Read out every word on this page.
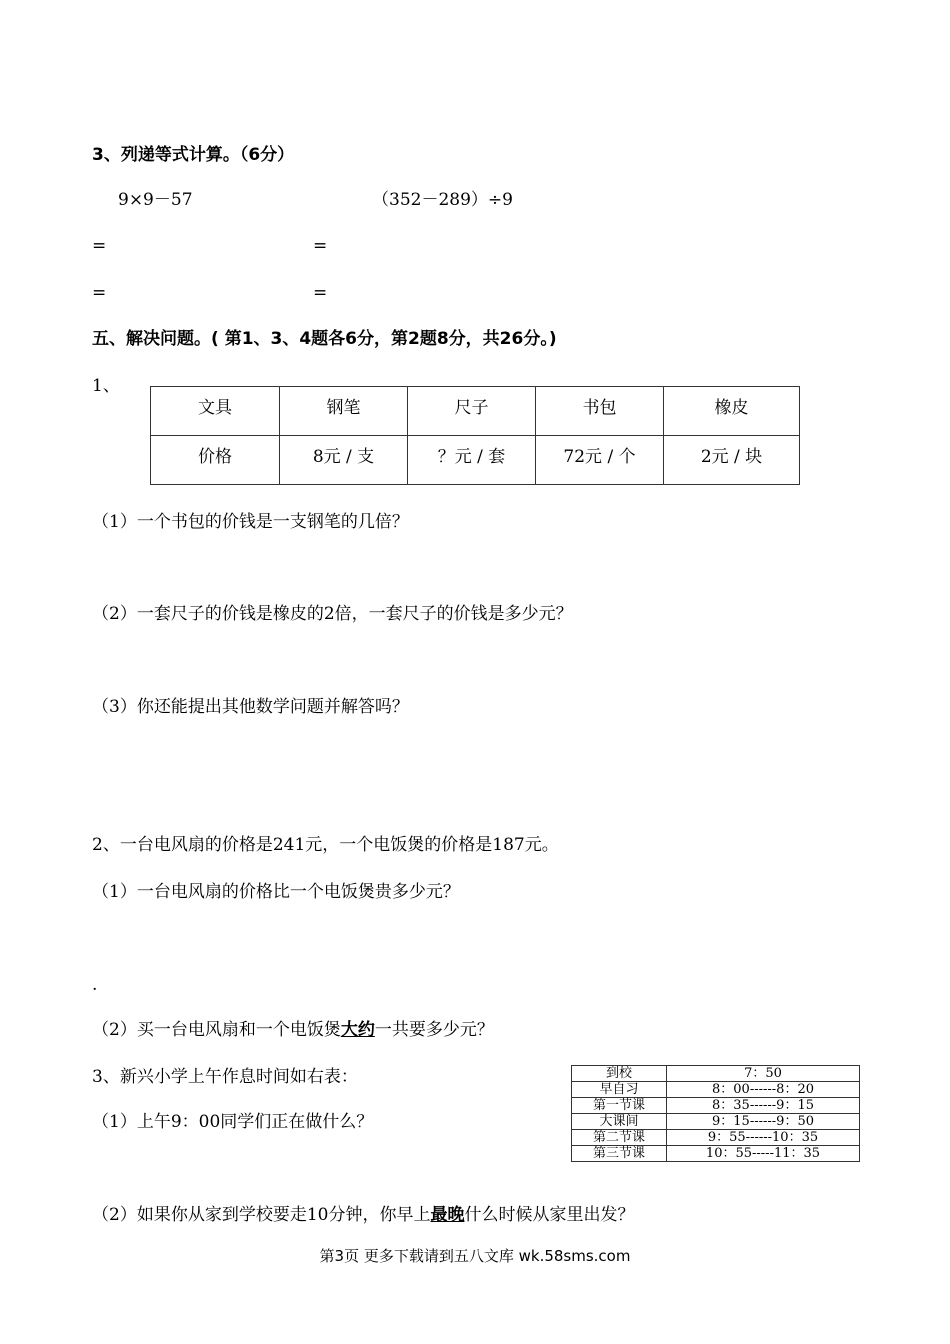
3、列递等式计算。（6分）
9×9－57	（352－289）÷9
=	=
=	=
五、解决问题。( 第1、3、4题各6分，第2题8分，共26分。)
1、
文具	钢笔	尺子	书包	橡皮
价格	8元 / 支	？元 / 套	72元 / 个	2元 / 块
（1）一个书包的价钱是一支钢笔的几倍？
（2）一套尺子的价钱是橡皮的2倍，一套尺子的价钱是多少元？
（3）你还能提出其他数学问题并解答吗？
2、一台电风扇的价格是241元，一个电饭煲的价格是187元。
（1）一台电风扇的价格比一个电饭煲贵多少元？
.
（2）买一台电风扇和一个电饭煲大约一共要多少元？
3、新兴小学上午作息时间如右表：	到校	7：50
早自习	8：00------8：20
第一节课	8：35------9：15
大课间	9：15------9：50
第二节课	9：55------10：35
第三节课	10：55-----11：35
（1）上午9：00同学们正在做什么？
（2）如果你从家到学校要走10分钟，你早上最晚什么时候从家里出发？
第3页 更多下载请到五八文库 wk.58sms.com
